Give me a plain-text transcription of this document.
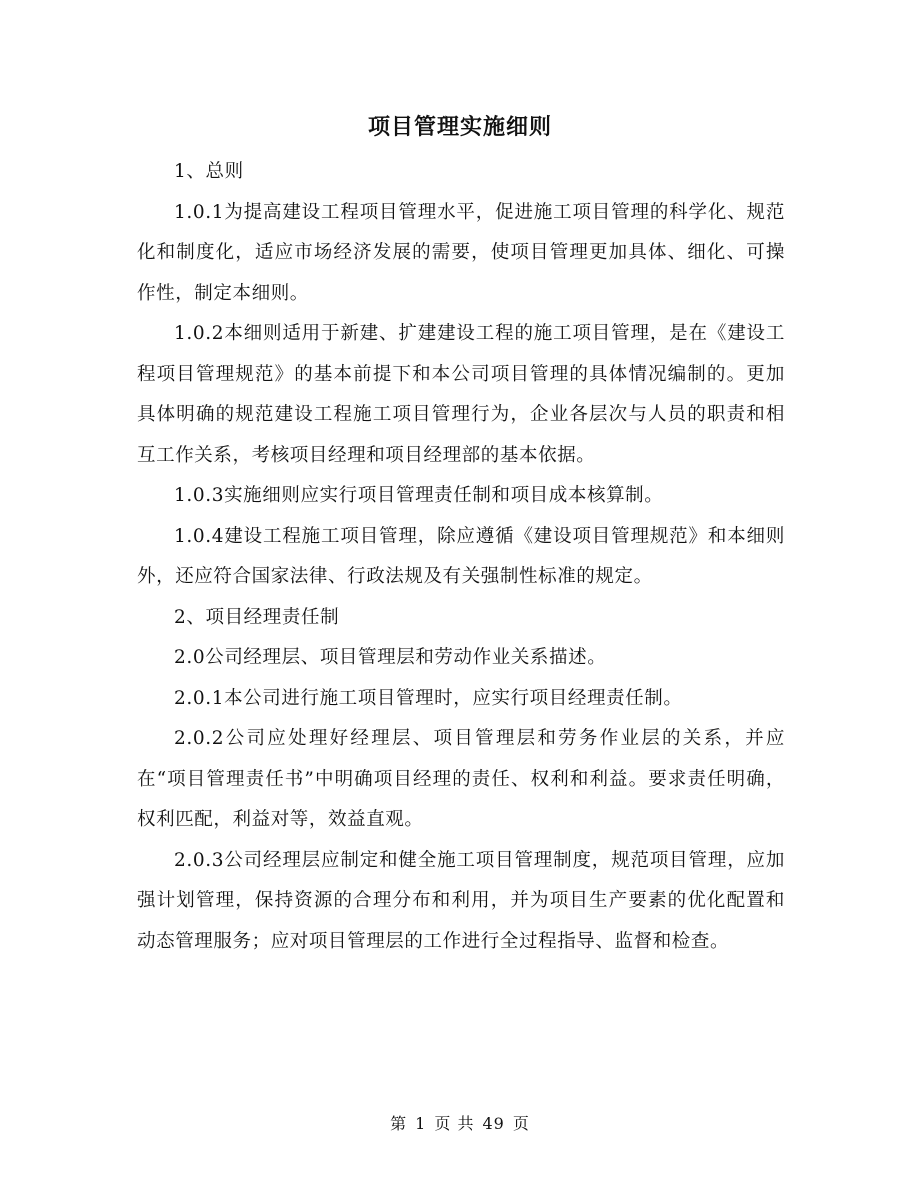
项目管理实施细则

1、总则

1.0.1为提高建设工程项目管理水平，促进施工项目管理的科学化、规范化和制度化，适应市场经济发展的需要，使项目管理更加具体、细化、可操作性，制定本细则。

1.0.2本细则适用于新建、扩建建设工程的施工项目管理，是在《建设工程项目管理规范》的基本前提下和本公司项目管理的具体情况编制的。更加具体明确的规范建设工程施工项目管理行为，企业各层次与人员的职责和相互工作关系，考核项目经理和项目经理部的基本依据。

1.0.3实施细则应实行项目管理责任制和项目成本核算制。

1.0.4建设工程施工项目管理，除应遵循《建设项目管理规范》和本细则外，还应符合国家法律、行政法规及有关强制性标准的规定。

2、项目经理责任制

2.0公司经理层、项目管理层和劳动作业关系描述。

2.0.1本公司进行施工项目管理时，应实行项目经理责任制。

2.0.2公司应处理好经理层、项目管理层和劳务作业层的关系，并应在“项目管理责任书”中明确项目经理的责任、权利和利益。要求责任明确，权利匹配，利益对等，效益直观。

2.0.3公司经理层应制定和健全施工项目管理制度，规范项目管理，应加强计划管理，保持资源的合理分布和利用，并为项目生产要素的优化配置和动态管理服务；应对项目管理层的工作进行全过程指导、监督和检查。

第 1 页 共 49 页
